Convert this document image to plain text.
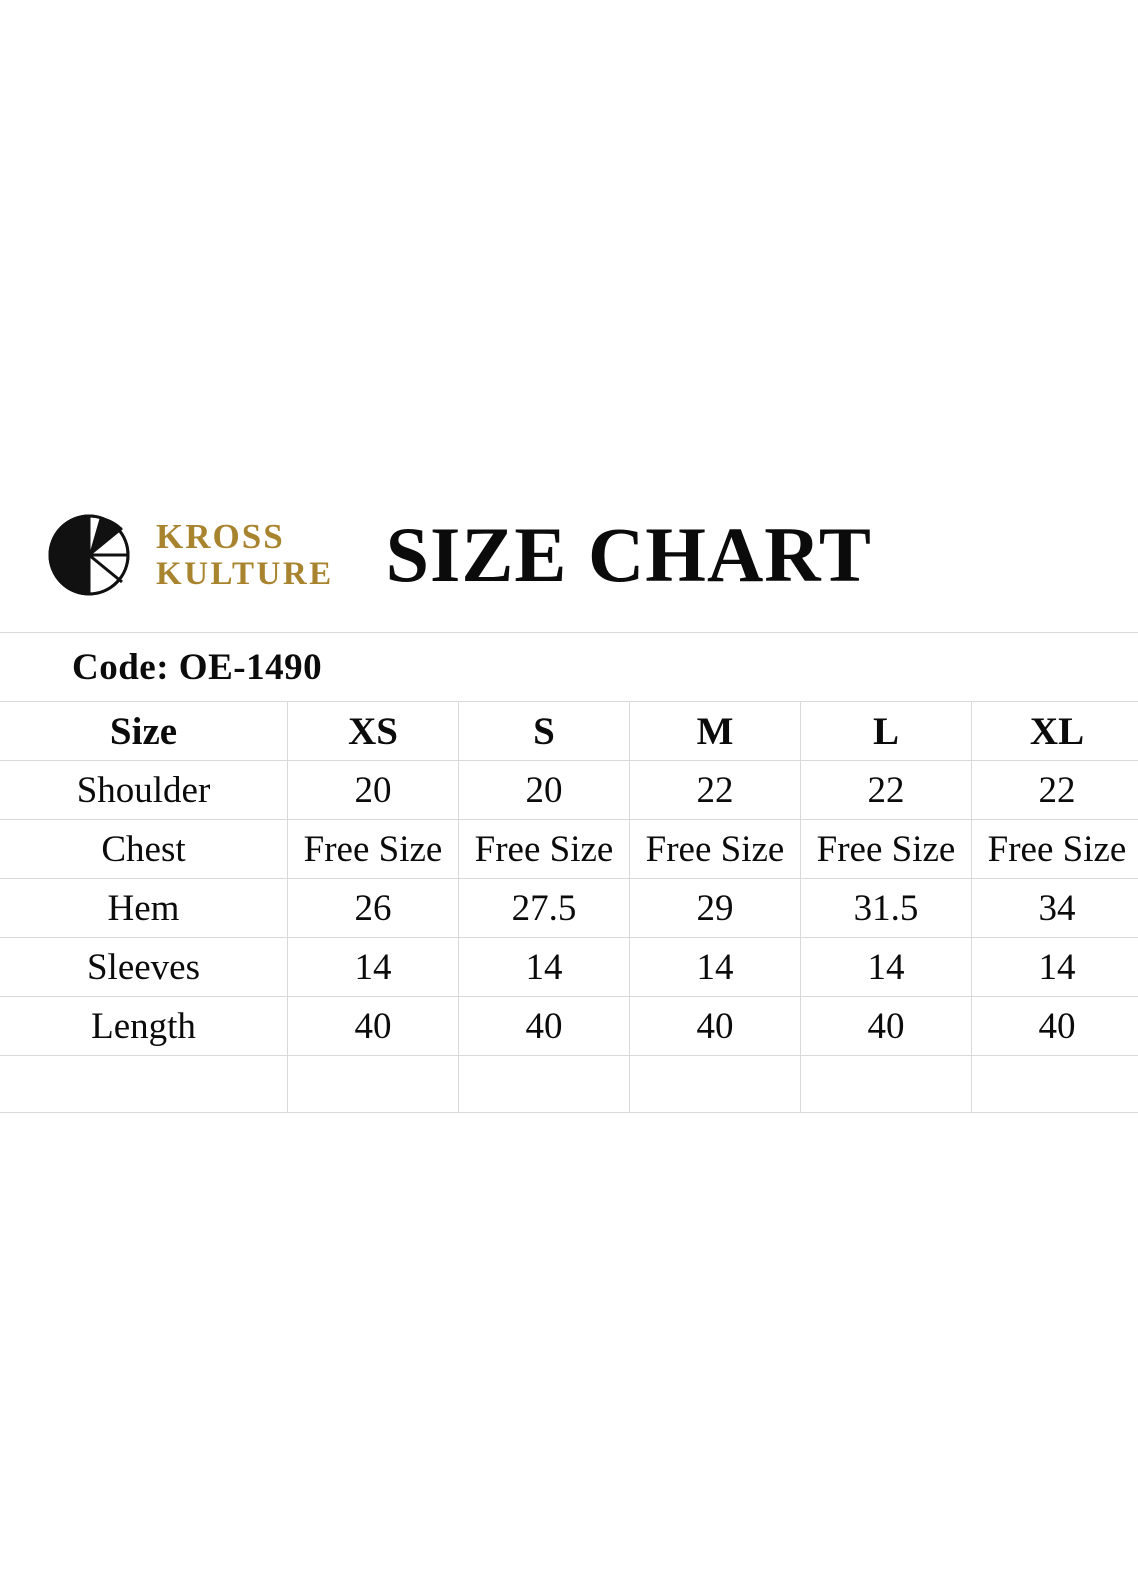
KROSS
KULTURE SIZE CHART
Code: OE-1490
Size	XS	S	M	L	XL
Shoulder	20	20	22	22	22
Chest	Free Size	Free Size	Free Size	Free Size	Free Size
Hem	26	27.5	29	31.5	34
Sleeves	14	14	14	14	14
Length	40	40	40	40	40
